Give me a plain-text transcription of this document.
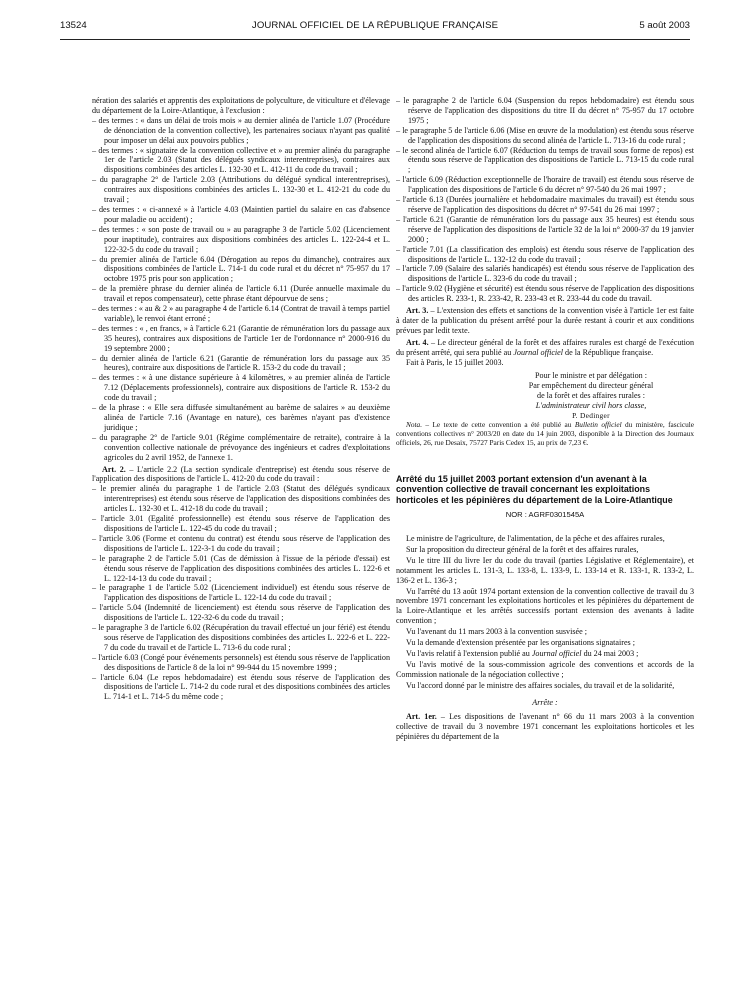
13524	JOURNAL OFFICIEL DE LA RÉPUBLIQUE FRANÇAISE	5 août 2003

nération des salariés et apprentis des exploitations de polyculture, de viticulture et d'élevage du département de la Loire-Atlantique, à l'exclusion :

– des termes : « dans un délai de trois mois » au dernier alinéa de l'article 1.07 (Procédure de dénonciation de la convention collective), les partenaires sociaux n'ayant pas qualité pour imposer un délai aux pouvoirs publics ;
– des termes : « signataire de la convention collective et » au premier alinéa du paragraphe 1er de l'article 2.03 (Statut des délégués syndicaux interentreprises), contraires aux dispositions combinées des articles L. 132-30 et L. 412-11 du code du travail ;
– du paragraphe 2° de l'article 2.03 (Attributions du délégué syndical interentreprises), contraires aux dispositions combinées des articles L. 132-30 et L. 412-21 du code du travail ;
– des termes : « ci-annexé » à l'article 4.03 (Maintien partiel du salaire en cas d'absence pour maladie ou accident) ;
– des termes : « son poste de travail ou » au paragraphe 3 de l'article 5.02 (Licenciement pour inaptitude), contraires aux dispositions combinées des articles L. 122-24-4 et L. 122-32-5 du code du travail ;
– du premier alinéa de l'article 6.04 (Dérogation au repos du dimanche), contraires aux dispositions combinées de l'article L. 714-1 du code rural et du décret n° 75-957 du 17 octobre 1975 pris pour son application ;
– de la première phrase du dernier alinéa de l'article 6.11 (Durée annuelle maximale du travail et repos compensateur), cette phrase étant dépourvue de sens ;
– des termes : « au & 2 » au paragraphe 4 de l'article 6.14 (Contrat de travail à temps partiel variable), le renvoi étant erroné ;
– des termes : « , en francs, » à l'article 6.21 (Garantie de rémunération lors du passage aux 35 heures), contraires aux dispositions de l'article 1er de l'ordonnance n° 2000-916 du 19 septembre 2000 ;
– du dernier alinéa de l'article 6.21 (Garantie de rémunération lors du passage aux 35 heures), contraire aux dispositions de l'article R. 153-2 du code du travail ;
– des termes : « à une distance supérieure à 4 kilomètres, » au premier alinéa de l'article 7.12 (Déplacements professionnels), contraire aux dispositions de l'article R. 153-2 du code du travail ;
– de la phrase : « Elle sera diffusée simultanément au barème de salaires » au deuxième alinéa de l'article 7.16 (Avantage en nature), ces barèmes n'ayant pas d'existence juridique ;
– du paragraphe 2° de l'article 9.01 (Régime complémentaire de retraite), contraire à la convention collective nationale de prévoyance des ingénieurs et cadres d'exploitations agricoles du 2 avril 1952, de l'annexe 1.

Art. 2. – L'article 2.2 (La section syndicale d'entreprise) est étendu sous réserve de l'application des dispositions de l'article L. 412-20 du code du travail :

– le premier alinéa du paragraphe 1 de l'article 2.03 (Statut des délégués syndicaux interentreprises) est étendu sous réserve de l'application des dispositions combinées des articles L. 132-30 et L. 412-18 du code du travail ;
– l'article 3.01 (Egalité professionnelle) est étendu sous réserve de l'application des dispositions de l'article L. 122-45 du code du travail ;
– l'article 3.06 (Forme et contenu du contrat) est étendu sous réserve de l'application des dispositions de l'article L. 122-3-1 du code du travail ;
– le paragraphe 2 de l'article 5.01 (Cas de démission à l'issue de la période d'essai) est étendu sous réserve de l'application des dispositions combinées des articles L. 122-6 et L. 122-14-13 du code du travail ;
– le paragraphe 1 de l'article 5.02 (Licenciement individuel) est étendu sous réserve de l'application des dispositions de l'article L. 122-14 du code du travail ;
– l'article 5.04 (Indemnité de licenciement) est étendu sous réserve de l'application des dispositions de l'article L. 122-32-6 du code du travail ;
– le paragraphe 3 de l'article 6.02 (Récupération du travail effectué un jour férié) est étendu sous réserve de l'application des dispositions combinées des articles L. 222-6 et L. 222-7 du code du travail et de l'article L. 713-6 du code rural ;
– l'article 6.03 (Congé pour événements personnels) est étendu sous réserve de l'application des dispositions de l'article 8 de la loi n° 99-944 du 15 novembre 1999 ;
– l'article 6.04 (Le repos hebdomadaire) est étendu sous réserve de l'application des dispositions de l'article L. 714-2 du code rural et des dispositions combinées des articles L. 714-1 et L. 714-5 du même code ;
– le paragraphe 2 de l'article 6.04 (Suspension du repos hebdomadaire) est étendu sous réserve de l'application des dispositions du titre II du décret n° 75-957 du 17 octobre 1975 ;
– le paragraphe 5 de l'article 6.06 (Mise en œuvre de la modulation) est étendu sous réserve de l'application des dispositions du second alinéa de l'article L. 713-16 du code rural ;
– le second alinéa de l'article 6.07 (Réduction du temps de travail sous forme de repos) est étendu sous réserve de l'application des dispositions de l'article L. 713-15 du code rural ;
– l'article 6.09 (Réduction exceptionnelle de l'horaire de travail) est étendu sous réserve de l'application des dispositions de l'article 6 du décret n° 97-540 du 26 mai 1997 ;
– l'article 6.13 (Durées journalière et hebdomadaire maximales du travail) est étendu sous réserve de l'application des dispositions du décret n° 97-541 du 26 mai 1997 ;
– l'article 6.21 (Garantie de rémunération lors du passage aux 35 heures) est étendu sous réserve de l'application des dispositions de l'article 32 de la loi n° 2000-37 du 19 janvier 2000 ;
– l'article 7.01 (La classification des emplois) est étendu sous réserve de l'application des dispositions de l'article L. 132-12 du code du travail ;
– l'article 7.09 (Salaire des salariés handicapés) est étendu sous réserve de l'application des dispositions de l'article L. 323-6 du code du travail ;
– l'article 9.02 (Hygiène et sécurité) est étendu sous réserve de l'application des dispositions des articles R. 233-1, R. 233-42, R. 233-43 et R. 233-44 du code du travail.

Art. 3. – L'extension des effets et sanctions de la convention visée à l'article 1er est faite à dater de la publication du présent arrêté pour la durée restant à courir et aux conditions prévues par ledit texte.

Art. 4. – Le directeur général de la forêt et des affaires rurales est chargé de l'exécution du présent arrêté, qui sera publié au Journal officiel de la République française.

Fait à Paris, le 15 juillet 2003.

Pour le ministre et par délégation :
Par empêchement du directeur général
de la forêt et des affaires rurales :
L'administrateur civil hors classe,
P. Dedinger

Nota. – Le texte de cette convention a été publié au Bulletin officiel du ministère, fascicule conventions collectives n° 2003/20 en date du 14 juin 2003, disponible à la Direction des Journaux officiels, 26, rue Desaix, 75727 Paris Cedex 15, au prix de 7,23 €.

Arrêté du 15 juillet 2003 portant extension d'un avenant à la convention collective de travail concernant les exploitations horticoles et les pépinières du département de la Loire-Atlantique
NOR : AGRF0301545A

Le ministre de l'agriculture, de l'alimentation, de la pêche et des affaires rurales,

Sur la proposition du directeur général de la forêt et des affaires rurales,

Vu le titre III du livre Ier du code du travail (parties Législative et Réglementaire), et notamment les articles L. 131-3, L. 133-8, L. 133-9, L. 133-14 et R. 133-1, R. 133-2, L. 136-2 et L. 136-3 ;

Vu l'arrêté du 13 août 1974 portant extension de la convention collective de travail du 3 novembre 1971 concernant les exploitations horticoles et les pépinières du département de la Loire-Atlantique et les arrêtés successifs portant extension des avenants à ladite convention ;

Vu l'avenant du 11 mars 2003 à la convention susvisée ;

Vu la demande d'extension présentée par les organisations signataires ;

Vu l'avis relatif à l'extension publié au Journal officiel du 24 mai 2003 ;

Vu l'avis motivé de la sous-commission agricole des conventions et accords de la Commission nationale de la négociation collective ;

Vu l'accord donné par le ministre des affaires sociales, du travail et de la solidarité,

Arrête :

Art. 1er. – Les dispositions de l'avenant n° 66 du 11 mars 2003 à la convention collective de travail du 3 novembre 1971 concernant les exploitations horticoles et les pépinières du département de la
